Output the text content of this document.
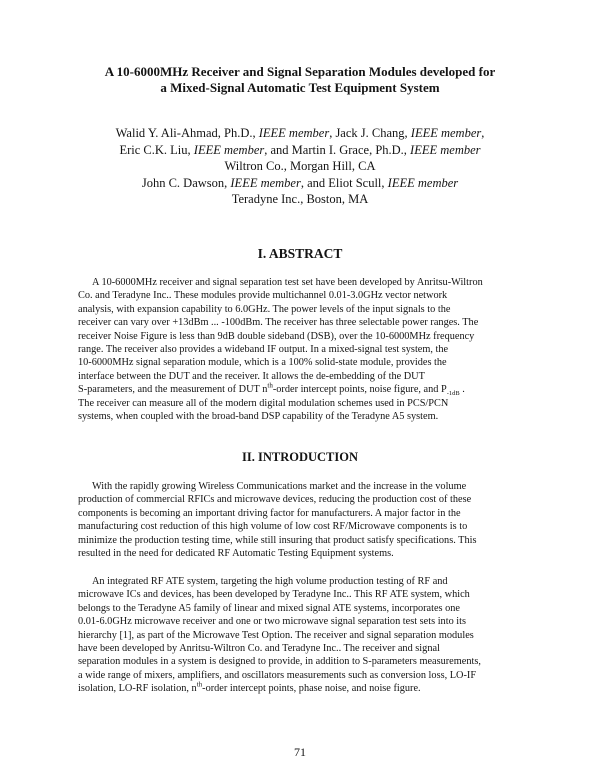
A 10-6000MHz Receiver and Signal Separation Modules developed for
a Mixed-Signal Automatic Test Equipment System
Walid Y. Ali-Ahmad, Ph.D., IEEE member, Jack J. Chang, IEEE member,
Eric C.K. Liu, IEEE member, and Martin I. Grace, Ph.D., IEEE member
Wiltron Co., Morgan Hill, CA
John C. Dawson, IEEE member, and Eliot Scull, IEEE member
Teradyne Inc., Boston, MA
I. ABSTRACT
A 10-6000MHz receiver and signal separation test set have been developed by Anritsu-Wiltron
Co. and Teradyne Inc.. These modules provide multichannel 0.01-3.0GHz vector network
analysis, with expansion capability to 6.0GHz. The power levels of the input signals to the
receiver can vary over +13dBm ... -100dBm. The receiver has three selectable power ranges. The
receiver Noise Figure is less than 9dB double sideband (DSB), over the 10-6000MHz frequency
range. The receiver also provides a wideband IF output. In a mixed-signal test system, the
10-6000MHz signal separation module, which is a 100% solid-state module, provides the
interface between the DUT and the receiver. It allows the de-embedding of the DUT
S-parameters, and the measurement of DUT $n^{th}$-order intercept points, noise figure, and $P_{-1dB}$ .
The receiver can measure all of the modern digital modulation schemes used in PCS/PCN
systems, when coupled with the broad-band DSP capability of the Teradyne A5 system.
II. INTRODUCTION
With the rapidly growing Wireless Communications market and the increase in the volume
production of commercial RFICs and microwave devices, reducing the production cost of these
components is becoming an important driving factor for manufacturers. A major factor in the
manufacturing cost reduction of this high volume of low cost RF/Microwave components is to
minimize the production testing time, while still insuring that product satisfy specifications. This
resulted in the need for dedicated RF Automatic Testing Equipment systems.
An integrated RF ATE system, targeting the high volume production testing of RF and
microwave ICs and devices, has been developed by Teradyne Inc.. This RF ATE system, which
belongs to the Teradyne A5 family of linear and mixed signal ATE systems, incorporates one
0.01-6.0GHz microwave receiver and one or two microwave signal separation test sets into its
hierarchy [1], as part of the Microwave Test Option. The receiver and signal separation modules
have been developed by Anritsu-Wiltron Co. and Teradyne Inc.. The receiver and signal
separation modules in a system is designed to provide, in addition to S-parameters measurements,
a wide range of mixers, amplifiers, and oscillators measurements such as conversion loss, LO-IF
isolation, LO-RF isolation, $n^{th}$-order intercept points, phase noise, and noise figure.
71
